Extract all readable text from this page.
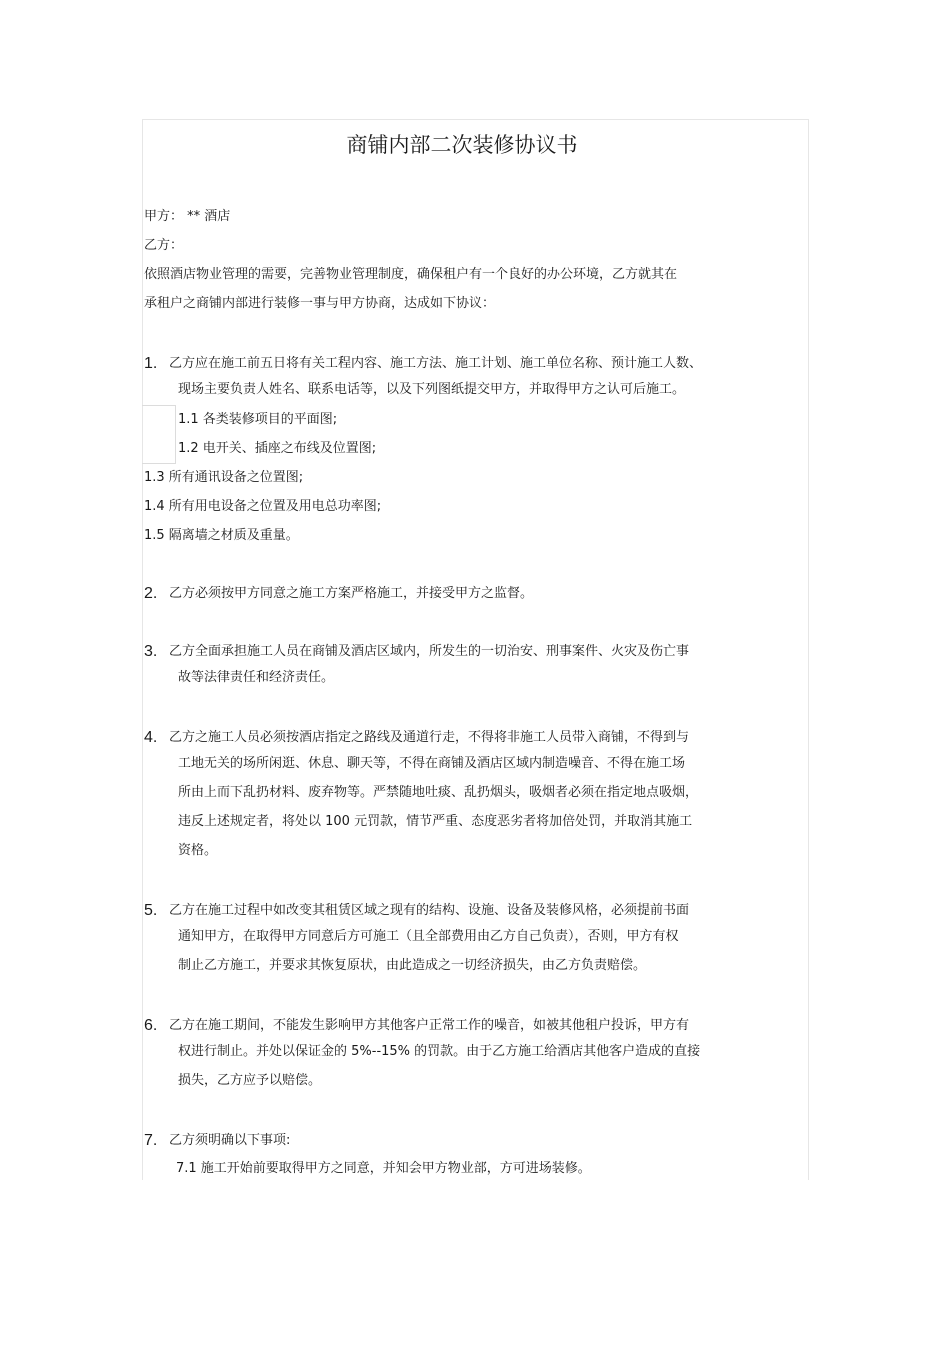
商铺内部二次装修协议书
甲方： ** 酒店
乙方：
依照酒店物业管理的需要，完善物业管理制度，确保租户有一个良好的办公环境，乙方就其在
承租户之商铺内部进行装修一事与甲方协商，达成如下协议：
1. 乙方应在施工前五日将有关工程内容、施工方法、施工计划、施工单位名称、预计施工人数、
现场主要负责人姓名、联系电话等，以及下列图纸提交甲方，并取得甲方之认可后施工。
1.1 各类装修项目的平面图;
1.2 电开关、插座之布线及位置图;
1.3 所有通讯设备之位置图;
1.4 所有用电设备之位置及用电总功率图;
1.5 隔离墙之材质及重量。
2. 乙方必须按甲方同意之施工方案严格施工，并接受甲方之监督。
3. 乙方全面承担施工人员在商铺及酒店区域内，所发生的一切治安、刑事案件、火灾及伤亡事
故等法律责任和经济责任。
4. 乙方之施工人员必须按酒店指定之路线及通道行走，不得将非施工人员带入商铺，不得到与
工地无关的场所闲逛、休息、聊天等，不得在商铺及酒店区域内制造噪音、不得在施工场
所由上而下乱扔材料、废弃物等。严禁随地吐痰、乱扔烟头，吸烟者必须在指定地点吸烟，
违反上述规定者，将处以 100 元罚款，情节严重、态度恶劣者将加倍处罚，并取消其施工
资格。
5. 乙方在施工过程中如改变其租赁区域之现有的结构、设施、设备及装修风格，必须提前书面
通知甲方，在取得甲方同意后方可施工（且全部费用由乙方自己负责），否则，甲方有权
制止乙方施工，并要求其恢复原状，由此造成之一切经济损失，由乙方负责赔偿。
6. 乙方在施工期间，不能发生影响甲方其他客户正常工作的噪音，如被其他租户投诉，甲方有
权进行制止。并处以保证金的 5%--15% 的罚款。由于乙方施工给酒店其他客户造成的直接
损失，乙方应予以赔偿。
7. 乙方须明确以下事项:
7.1 施工开始前要取得甲方之同意，并知会甲方物业部，方可进场装修。
